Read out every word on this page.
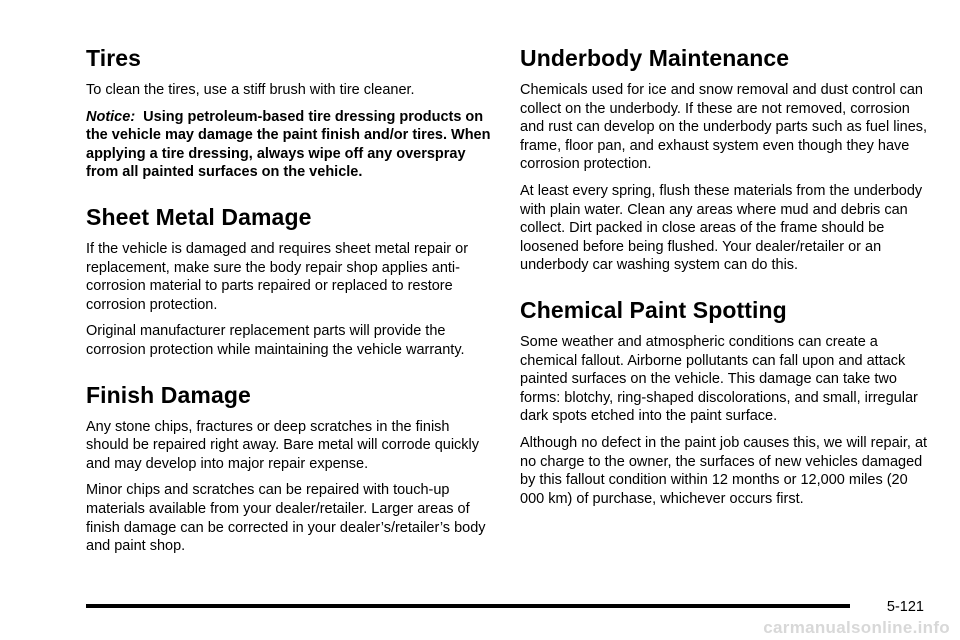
Tires

To clean the tires, use a stiff brush with tire cleaner.

Notice: Using petroleum-based tire dressing products on the vehicle may damage the paint finish and/or tires. When applying a tire dressing, always wipe off any overspray from all painted surfaces on the vehicle.

Sheet Metal Damage

If the vehicle is damaged and requires sheet metal repair or replacement, make sure the body repair shop applies anti-corrosion material to parts repaired or replaced to restore corrosion protection.

Original manufacturer replacement parts will provide the corrosion protection while maintaining the vehicle warranty.

Finish Damage

Any stone chips, fractures or deep scratches in the finish should be repaired right away. Bare metal will corrode quickly and may develop into major repair expense.

Minor chips and scratches can be repaired with touch-up materials available from your dealer/retailer. Larger areas of finish damage can be corrected in your dealer’s/retailer’s body and paint shop.

Underbody Maintenance

Chemicals used for ice and snow removal and dust control can collect on the underbody. If these are not removed, corrosion and rust can develop on the underbody parts such as fuel lines, frame, floor pan, and exhaust system even though they have corrosion protection.

At least every spring, flush these materials from the underbody with plain water. Clean any areas where mud and debris can collect. Dirt packed in close areas of the frame should be loosened before being flushed. Your dealer/retailer or an underbody car washing system can do this.

Chemical Paint Spotting

Some weather and atmospheric conditions can create a chemical fallout. Airborne pollutants can fall upon and attack painted surfaces on the vehicle. This damage can take two forms: blotchy, ring-shaped discolorations, and small, irregular dark spots etched into the paint surface.

Although no defect in the paint job causes this, we will repair, at no charge to the owner, the surfaces of new vehicles damaged by this fallout condition within 12 months or 12,000 miles (20 000 km) of purchase, whichever occurs first.

5-121
carmanualsonline.info
